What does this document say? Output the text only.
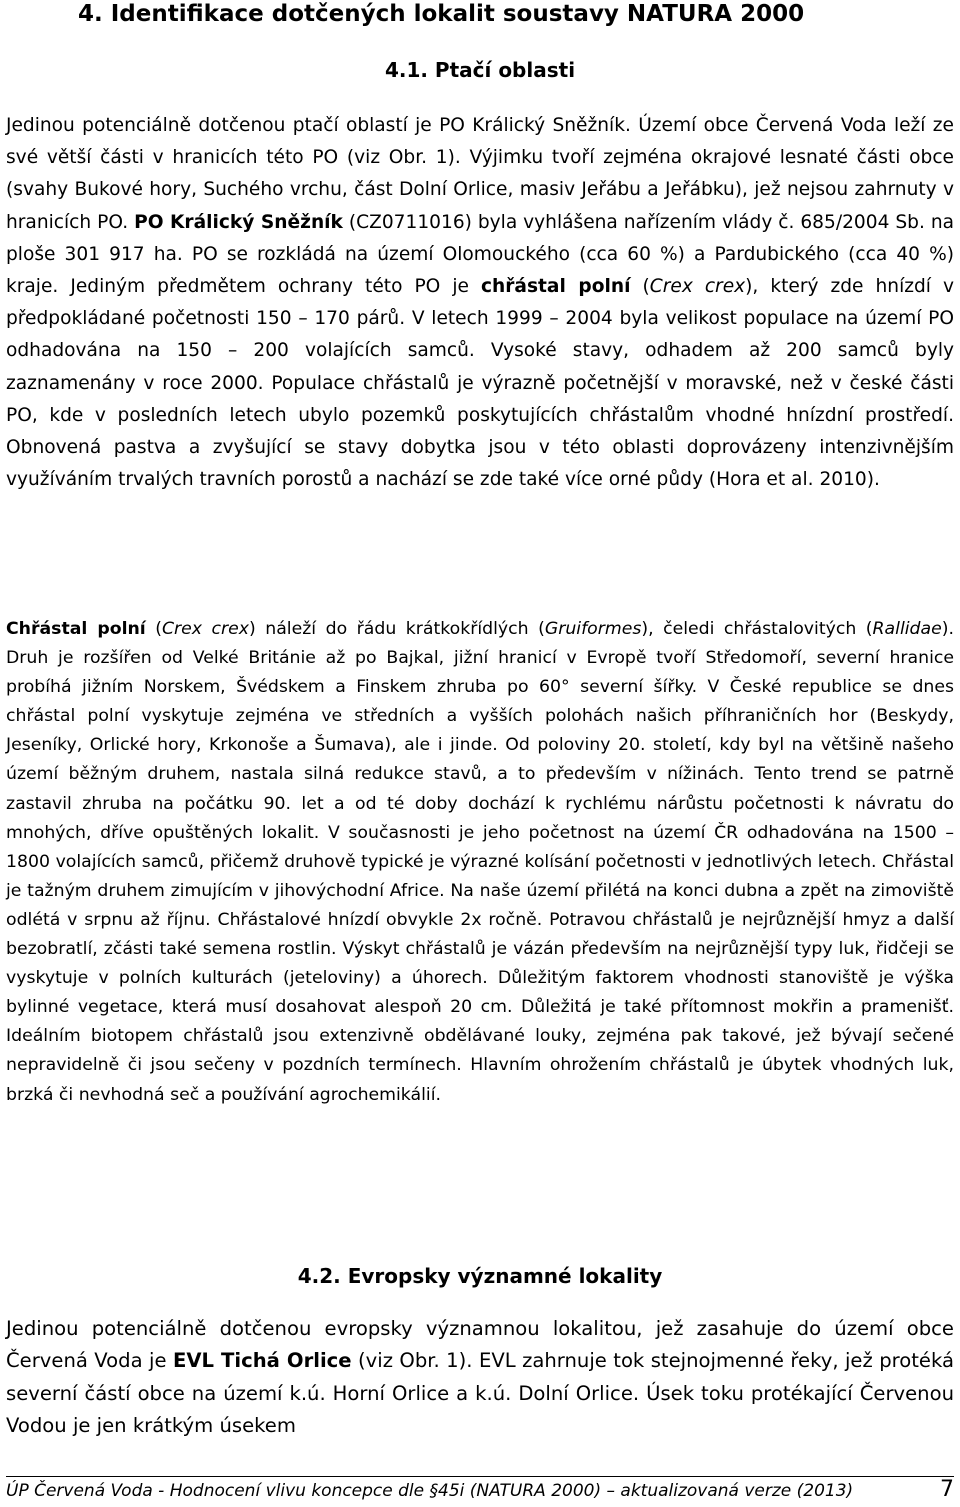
4. Identifikace dotčených lokalit soustavy NATURA 2000
4.1. Ptačí oblasti
Jedinou potenciálně dotčenou ptačí oblastí je PO Králický Sněžník. Území obce Červená Voda leží ze své větší části v hranicích této PO (viz Obr. 1). Výjimku tvoří zejména okrajové lesnaté části obce (svahy Bukové hory, Suchého vrchu, část Dolní Orlice, masiv Jeřábu a Jeřábku), jež nejsou zahrnuty v hranicích PO. PO Králický Sněžník (CZ0711016) byla vyhlášena nařízením vlády č. 685/2004 Sb. na ploše 301 917 ha. PO se rozkládá na území Olomouckého (cca 60 %) a Pardubického (cca 40 %) kraje. Jediným předmětem ochrany této PO je chřástal polní (Crex crex), který zde hnízdí v předpokládané početnosti 150 – 170 párů. V letech 1999 – 2004 byla velikost populace na území PO odhadována na 150 – 200 volajících samců. Vysoké stavy, odhadem až 200 samců byly zaznamenány v roce 2000. Populace chřástalů je výrazně početnější v moravské, než v české části PO, kde v posledních letech ubylo pozemků poskytujících chřástalům vhodné hnízdní prostředí. Obnovená pastva a zvyšující se stavy dobytka jsou v této oblasti doprovázeny intenzivnějším využíváním trvalých travních porostů a nachází se zde také více orné půdy (Hora et al. 2010).
Chřástal polní (Crex crex) náleží do řádu krátkokřídlých (Gruiformes), čeledi chřástalovitých (Rallidae). Druh je rozšířen od Velké Británie až po Bajkal, jižní hranicí v Evropě tvoří Středomoří, severní hranice probíhá jižním Norskem, Švédskem a Finskem zhruba po 60° severní šířky. V České republice se dnes chřástal polní vyskytuje zejména ve středních a vyšších polohách našich příhraničních hor (Beskydy, Jeseníky, Orlické hory, Krkonoše a Šumava), ale i jinde. Od poloviny 20. století, kdy byl na většině našeho území běžným druhem, nastala silná redukce stavů, a to především v nížinách. Tento trend se patrně zastavil zhruba na počátku 90. let a od té doby dochází k rychlému nárůstu početnosti k návratu do mnohých, dříve opuštěných lokalit. V současnosti je jeho početnost na území ČR odhadována na 1500 – 1800 volajících samců, přičemž druhově typické je výrazné kolísání početnosti v jednotlivých letech. Chřástal je tažným druhem zimujícím v jihovýchodní Africe. Na naše území přilétá na konci dubna a zpět na zimoviště odlétá v srpnu až říjnu. Chřástalové hnízdí obvykle 2x ročně. Potravou chřástalů je nejrůznější hmyz a další bezobratlí, zčásti také semena rostlin. Výskyt chřástalů je vázán především na nejrůznější typy luk, řidčeji se vyskytuje v polních kulturách (jeteloviny) a úhorech. Důležitým faktorem vhodnosti stanoviště je výška bylinné vegetace, která musí dosahovat alespoň 20 cm. Důležitá je také přítomnost mokřin a pramenišť. Ideálním biotopem chřástalů jsou extenzivně obdělávané louky, zejména pak takové, jež bývají sečené nepravidelně či jsou sečeny v pozdních termínech. Hlavním ohrožením chřástalů je úbytek vhodných luk, brzká či nevhodná seč a používání agrochemikálií.
4.2. Evropsky významné lokality
Jedinou potenciálně dotčenou evropsky významnou lokalitou, jež zasahuje do území obce Červená Voda je EVL Tichá Orlice (viz Obr. 1). EVL zahrnuje tok stejnojmenné řeky, jež protéká severní částí obce na území k.ú. Horní Orlice a k.ú. Dolní Orlice. Úsek toku protékající Červenou Vodou je jen krátkým úsekem
ÚP Červená Voda - Hodnocení vlivu koncepce dle §45i (NATURA 2000) – aktualizovaná verze (2013)	7
